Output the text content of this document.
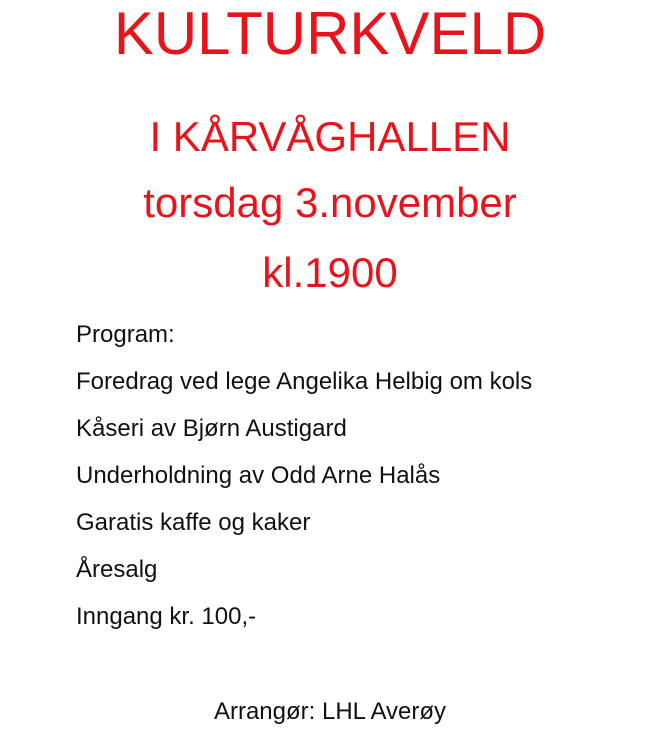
KULTURKVELD
I KÅRVÅGHALLEN
torsdag 3.november
kl.1900
Program:
Foredrag ved lege Angelika Helbig om kols
Kåseri av Bjørn Austigard
Underholdning av Odd Arne Halås
Garatis kaffe og kaker
Åresalg
Inngang kr. 100,-
Arrangør: LHL Averøy
